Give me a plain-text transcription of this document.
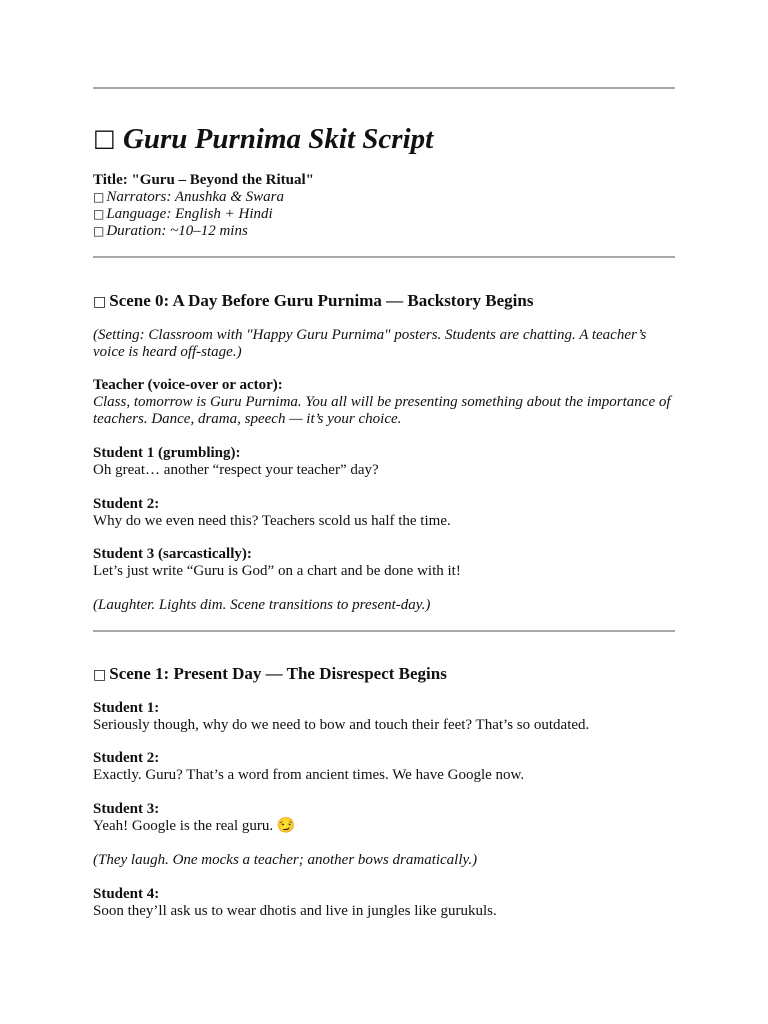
□ Guru Purnima Skit Script
Title: "Guru – Beyond the Ritual"
□ Narrators: Anushka & Swara
□ Language: English + Hindi
□ Duration: ~10–12 mins
□ Scene 0: A Day Before Guru Purnima — Backstory Begins
(Setting: Classroom with "Happy Guru Purnima" posters. Students are chatting. A teacher’s voice is heard off-stage.)
Teacher (voice-over or actor):
Class, tomorrow is Guru Purnima. You all will be presenting something about the importance of teachers. Dance, drama, speech — it’s your choice.
Student 1 (grumbling):
Oh great… another “respect your teacher” day?
Student 2:
Why do we even need this? Teachers scold us half the time.
Student 3 (sarcastically):
Let’s just write “Guru is God” on a chart and be done with it!
(Laughter. Lights dim. Scene transitions to present-day.)
□ Scene 1: Present Day — The Disrespect Begins
Student 1:
Seriously though, why do we need to bow and touch their feet? That’s so outdated.
Student 2:
Exactly. Guru? That’s a word from ancient times. We have Google now.
Student 3:
Yeah! Google is the real guru. 😏
(They laugh. One mocks a teacher; another bows dramatically.)
Student 4:
Soon they’ll ask us to wear dhotis and live in jungles like gurukuls.
